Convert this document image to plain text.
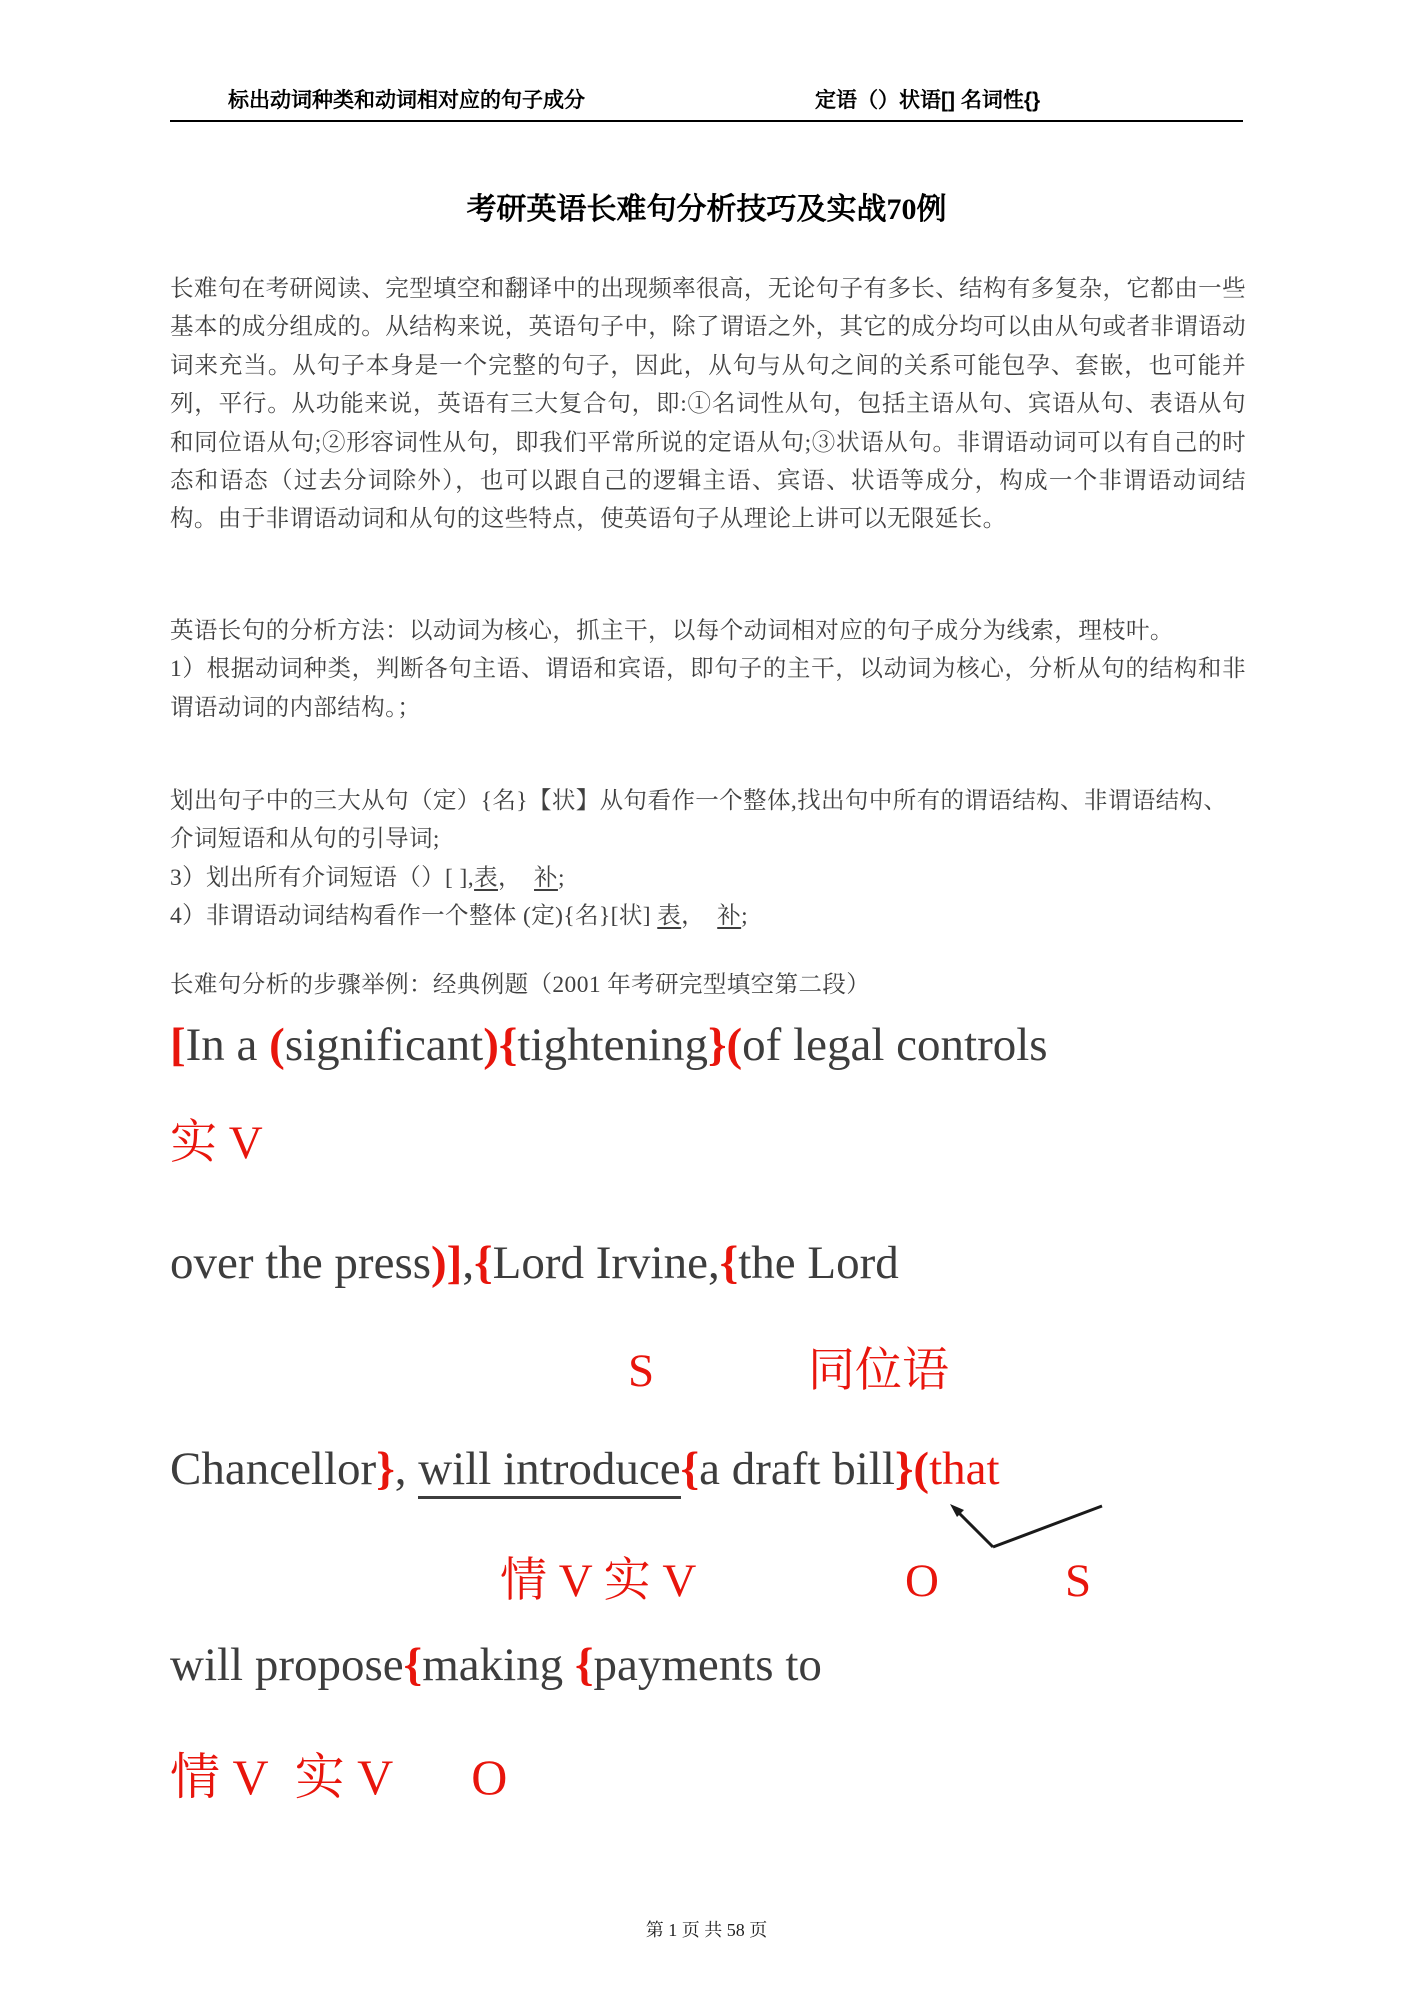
标出动词种类和动词相对应的句子成分	定语（）状语[] 名词性{}
考研英语长难句分析技巧及实战70例
长难句在考研阅读、完型填空和翻译中的出现频率很高，无论句子有多长、结构有多复杂，它都由一些基本的成分组成的。从结构来说，英语句子中，除了谓语之外，其它的成分均可以由从句或者非谓语动词来充当。从句子本身是一个完整的句子，因此，从句与从句之间的关系可能包孕、套嵌，也可能并列，平行。从功能来说，英语有三大复合句，即:①名词性从句，包括主语从句、宾语从句、表语从句和同位语从句;②形容词性从句，即我们平常所说的定语从句;③状语从句。非谓语动词可以有自己的时态和语态（过去分词除外），也可以跟自己的逻辑主语、宾语、状语等成分，构成一个非谓语动词结构。由于非谓语动词和从句的这些特点，使英语句子从理论上讲可以无限延长。

英语长句的分析方法：以动词为核心，抓主干，以每个动词相对应的句子成分为线索，理枝叶。

1）根据动词种类，判断各句主语、谓语和宾语，即句子的主干，以动词为核心，分析从句的结构和非谓语动词的内部结构。；

划出句子中的三大从句（定）{名}【状】从句看作一个整体,找出句中所有的谓语结构、非谓语结构、介词短语和从句的引导词;

3）划出所有介词短语（）[ ],表，　补;

4）非谓语动词结构看作一个整体 (定){名}[状] 表，　补;

长难句分析的步骤举例：经典例题（2001 年考研完型填空第二段）
[In a (significant){tightening}(of legal controls
实 V
over the press)],{Lord Irvine,{the Lord
S	同位语
Chancellor}, will introduce{a draft bill}(that
情 V 实 V	O	S
will propose{making {payments to
情 V 实 V O
第 1 页 共 58 页
